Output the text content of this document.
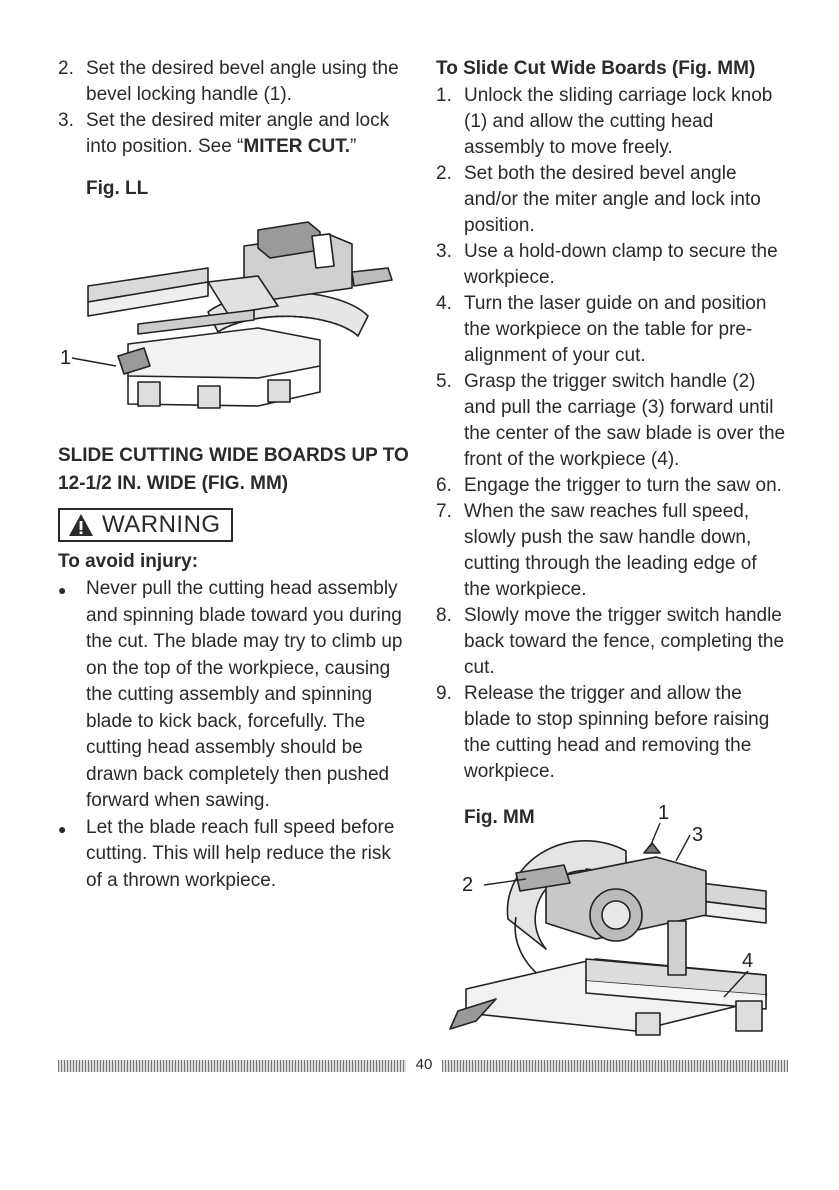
2. Set the desired bevel angle using the bevel locking handle (1).
3. Set the desired miter angle and lock into position. See “MITER CUT.”
Fig. LL
1
SLIDE CUTTING WIDE BOARDS UP TO 12-1/2 IN. WIDE (FIG. MM)
WARNING
To avoid injury:
●	Never pull the cutting head assembly and spinning blade toward you during the cut. The blade may try to climb up on the top of the workpiece, causing the cutting assembly and spinning blade to kick back, forcefully. The cutting head assembly should be drawn back completely then pushed forward when sawing.
●	Let the blade reach full speed before cutting. This will help reduce the risk of a thrown workpiece.
To Slide Cut Wide Boards (Fig. MM)
1. Unlock the sliding carriage lock knob (1) and allow the cutting head assembly to move freely.
2. Set both the desired bevel angle and/or the miter angle and lock into position.
3. Use a hold-down clamp to secure the workpiece.
4. Turn the laser guide on and position the workpiece on the table for pre-alignment of your cut.
5. Grasp the trigger switch handle (2) and pull the carriage (3) forward until the center of the saw blade is over the front of the workpiece (4).
6. Engage the trigger to turn the saw on.
7. When the saw reaches full speed, slowly push the saw handle down, cutting through the leading edge of the workpiece.
8. Slowly move the trigger switch handle back toward the fence, completing the cut.
9. Release the trigger and allow the blade to stop spinning before raising the cutting head and removing the workpiece.
Fig. MM	1
2
3
4
40
